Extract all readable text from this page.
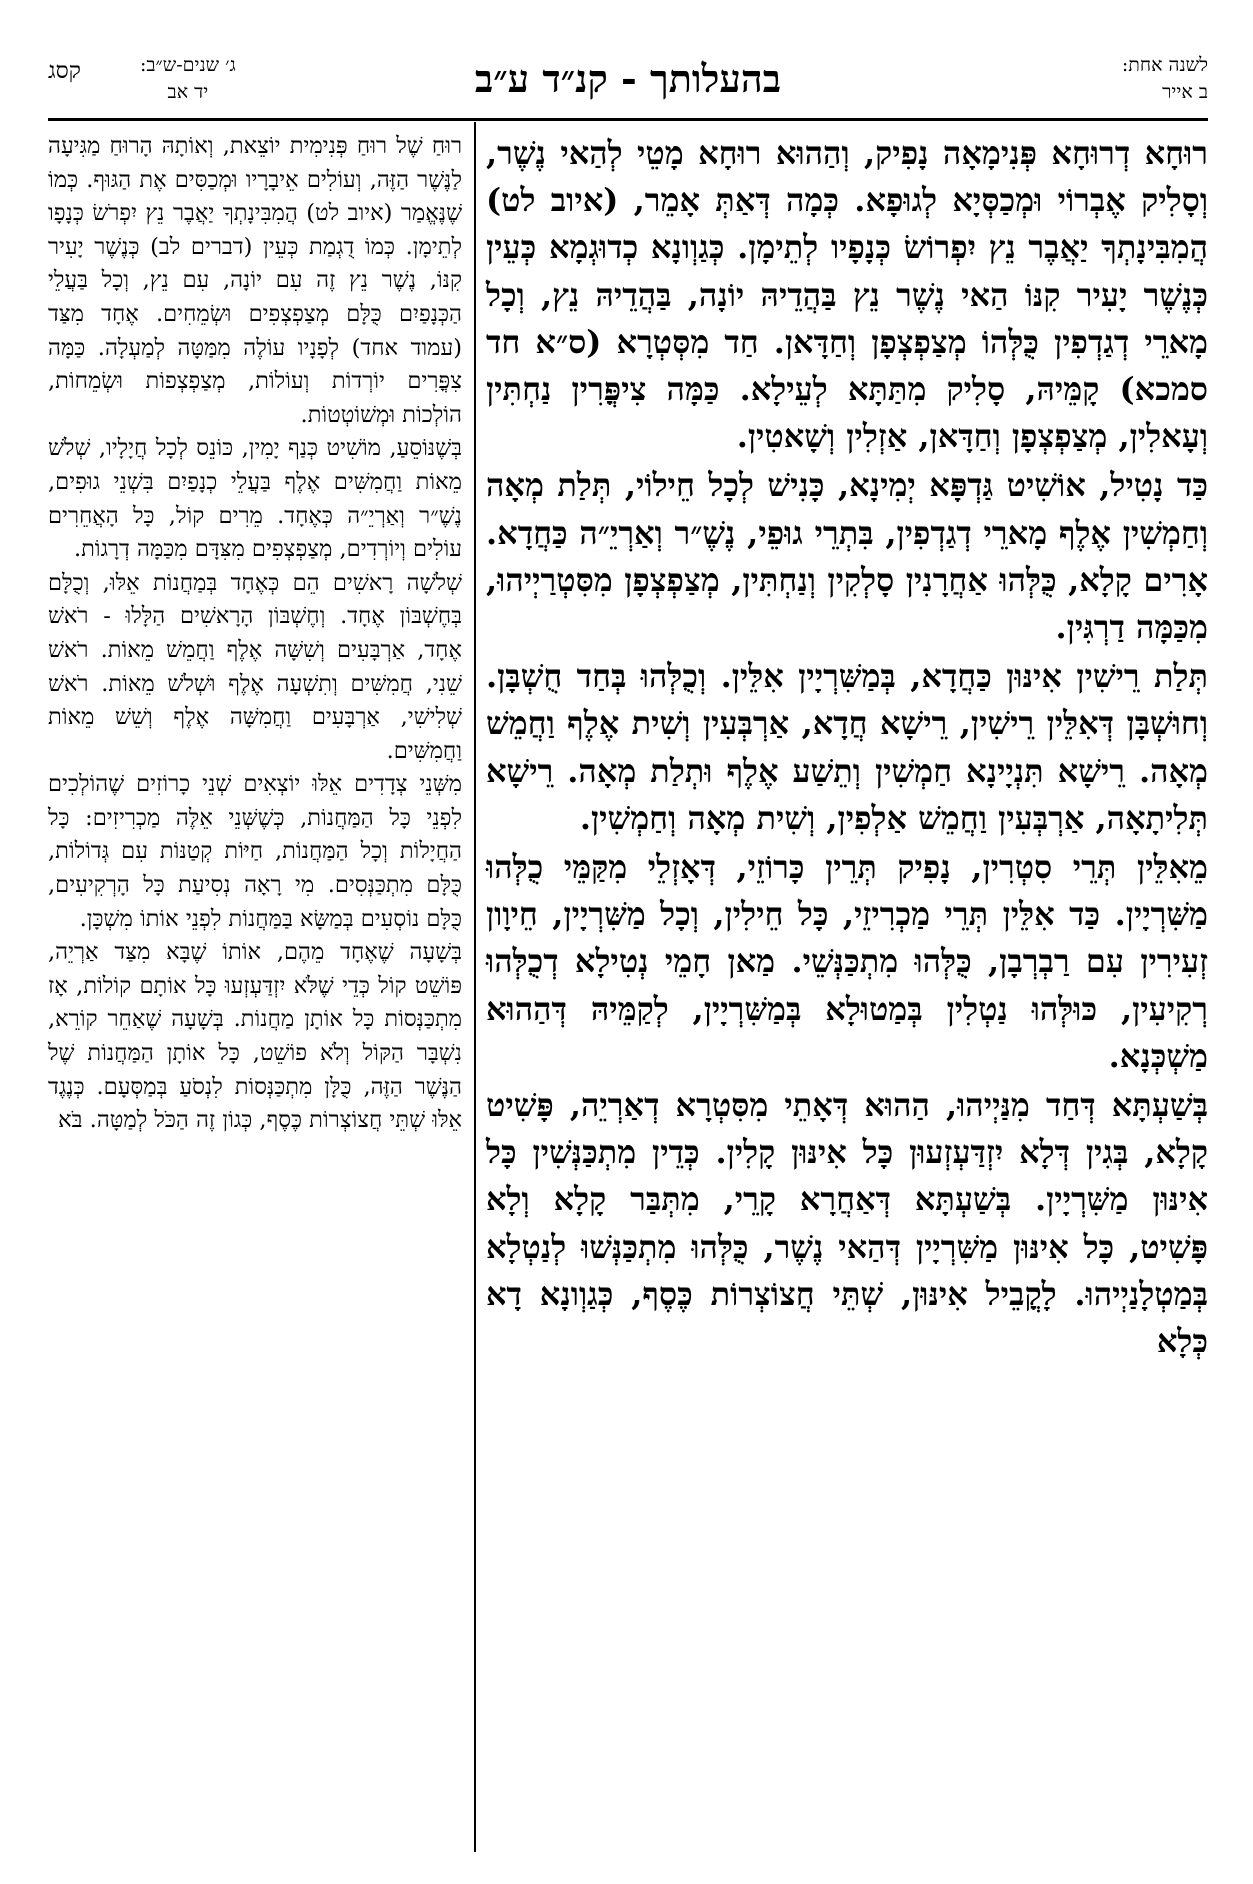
לשנה אחת:
ב אייר
בהעלותך - קנ״ד ע״ב
ג׳ שנים-ש״ב:
יד אב
קסג

רוּחָא דְרוּחָא פְּנִימָאָה נָפִיק, וְהַהוּא רוּחָא מָטֵי לְהַאי נֶשֶׁר, וְסָלִיק אֶבְרוֹי וּמְכַסְּיָא לְגוּפָא. כְּמָה דְּאַתְּ אָמֵר, (איוב לט) הֲמִבִּינָתְךָ יַאֲבֶר נֵץ יִפְרוֹשׂ כְּנָפָיו לְתֵימָן. כְּגַוְונָא כְדוּגְמָא כְּעֵין כְּנֶשֶׁר יָעִיר קִנּוֹ הַאי נֶשֶׁר נֵץ בַּהֲדֵיהּ יוֹנָה, בַּהֲדֵיהּ נֵץ, וְכָל מָארֵי דְגַדְפִין כֻּלְּהוֹ מְצַפְצְפָן וְחַדָּאן. חַד מִסְּטְרָא (ס״א חד סמכא) קָמֵּיהּ, סָלִיק מִתַּתָּא לְעֵילָא. כַּמָּה צִיפֳּרִין נַחְתִּין וְעָאלִין, מְצַפְצְפָן וְחַדָּאן, אַזְלִין וְשָׁאטִין.

כַּד נָטִיל, אוֹשִׁיט גַּדְפָּא יְמִינָא, כָּנִישׁ לְכָל חֵילוֹי, תְּלַת מְאָה וְחַמְשִׁין אֶלֶף מָארֵי דְגַדְפִין, בִּתְרֵי גוּפֵי, נֶשֶׁ״ר וְאַרְיֵ״ה כַּחֲדָא. אָרִים קָלָא, כֻּלְּהוּ אַחֲרָנִין סָלְקִין וְנַחְתִּין, מְצַפְצְפָן מִסִּטְרַיְיהוּ, מִכַּמָּה דַרְגִּין.

תְּלַת רֵישִׁין אִינּוּן כַּחֲדָא, בְּמַשִּׁרְיָין אִלֵּין. וְכֻלְּהוּ בְּחַד חֻשְׁבָּן. וְחוּשְׁבָּן דְּאִלֵּין רֵישִׁין, רֵישָׁא חֲדָא, אַרְבְּעִין וְשִׁית אֶלֶף וַחֲמֵשׁ מְאָה. רֵישָׁא תִּנְיָינָא חַמְשִׁין וְתֵשַׁע אֶלֶף וּתְלַת מְאָה. רֵישָׁא תְּלִיתָאָה, אַרְבְּעִין וַחֲמֵשׁ אַלְפִין, וְשִׁית מְאָה וְחַמְשִׁין.

מֵאִלֵּין תְּרֵי סִטְרִין, נָפִיק תְּרֵין כָּרוֹזֵי, דְּאָזְלֵי מִקַּמֵּי כֻלְּהוּ מַשִּׁרְיָין. כַּד אִלֵּין תְּרֵי מַכְרִיזֵי, כָּל חֵילִין, וְכָל מַשִּׁרְיָין, חֵיוָון זְעִירִין עִם רַבְרְבָן, כֻּלְּהוּ מִתְכַּנְּשֵׁי. מַאן חָמֵי נְטִילָא דְכֻלְּהוּ רְקִיעִין, כּוּלְּהוּ נַטְלִין בְּמַטוּלָא בְּמַשִּׁרְיָין, לְקַמֵּיהּ דְּהַהוּא מַשְׁכְּנָא.

בְּשַׁעְתָּא דְּחַד מִנַּיְיהוּ, הַהוּא דְּאָתֵי מִסִּטְרָא דְאַרְיֵה, פָּשִׁיט קָלָא, בְּגִין דְּלָא יִזְדַּעְזְעוּן כָּל אִינּוּן קָלִין. כְּדֵין מִתְכַּנְּשִׁין כָּל אִינּוּן מַשִּׁרְיָין. בְּשַׁעְתָּא דְּאַחֲרָא קָרֵי, מִתְּבַּר קָלָא וְלָא פָּשִׁיט, כָּל אִינּוּן מַשִּׁרְיָין דְּהַאי נֶשֶׁר, כֻּלְּהוּ מִתְכַּנְּשׁוּ לְנַטְלָא בְּמַטְלָנַיְיהוּ. לָקֳבֵיל אִינּוּן, שְׁתֵּי חֲצוֹצְרוֹת כֶּסֶף, כְּגַוְונָא דָא כְּלָא

רוּחַ שֶׁל רוּחַ פְּנִימִית יוֹצֵאת, וְאוֹתָהּ הָרוּחַ מַגִּיעָה לַנֶּשֶׁר הַזֶּה, וְעוֹלִים אֵיבָרָיו וּמְכַסִּים אֶת הַגּוּף. כְּמוֹ שֶׁנֶּאֱמַר (איוב לט) הֲמִבִּינָתְךָ יַאֲבֶר נֵץ יִפְרֹשׂ כְּנָפָו לְתֵימָן. כְּמוֹ דֻגְמַת כְּעֵין (דברים לב) כְּנֶשֶׁר יָעִיר קִנּוֹ, נֶשֶׁר נֵץ זֶה עִם יוֹנָה, עִם נֵץ, וְכָל בַּעֲלֵי הַכְּנָפַיִם כֻּלָּם מְצַפְצְפִים וּשְׂמֵחִים. אֶחָד מִצַּד (עמוד אחד) לְפָנָיו עוֹלֶה מִמַּטָּה לְמַעְלָה. כַּמָּה צִפֳּרִים יוֹרְדוֹת וְעוֹלוֹת, מְצַפְצְפוֹת וּשְׂמֵחוֹת, הוֹלְכוֹת וּמְשׁוֹטְטוֹת.

בְּשֶׁנּוֹסֵעַ, מוֹשִׁיט כְּנַף יָמִין, כּוֹנֵס לְכָל חֲיָלָיו, שְׁלֹשׁ מֵאוֹת וַחֲמִשִּׁים אֶלֶף בַּעֲלֵי כְנָפַיִם בִּשְׁנֵי גוּפִים, נֶשֶׁ״ר וְאַרְיֵ״ה כְּאֶחָד. מֵרִים קוֹל, כָּל הָאֲחֵרִים עוֹלִים וְיוֹרְדִים, מְצַפְצְפִים מִצִּדָּם מִכַּמָּה דְרָגוֹת.

שְׁלֹשָׁה רָאשִׁים הֵם כְּאֶחָד בְּמַחֲנוֹת אֵלּוּ, וְכֻלָּם בְּחֶשְׁבּוֹן אֶחָד. וְחֶשְׁבּוֹן הָרָאשִׁים הַלָּלוּ - רֹאשׁ אֶחָד, אַרְבָּעִים וְשִׁשָּׁה אֶלֶף וַחֲמֵשׁ מֵאוֹת. רֹאשׁ שֵׁנִי, חֲמִשִּׁים וְתִשְׁעָה אֶלֶף וּשְׁלֹשׁ מֵאוֹת. רֹאשׁ שְׁלִישִׁי, אַרְבָּעִים וַחֲמִשָּׁה אֶלֶף וְשֵׁשׁ מֵאוֹת וַחֲמִשִּׁים.

מִשְּׁנֵי צְדָדִים אֵלּוּ יוֹצְאִים שְׁנֵי כָרוֹזִים שֶׁהוֹלְכִים לִפְנֵי כָּל הַמַּחֲנוֹת, כְּשֶׁשְּׁנֵי אֵלֶּה מַכְרִיזִים: כָּל הַחֲיָלוֹת וְכָל הַמַּחֲנוֹת, חַיּוֹת קְטַנּוֹת עִם גְּדוֹלוֹת, כֻּלָּם מִתְכַּנְּסִים. מִי רָאָה נְסִיעַת כָּל הָרְקִיעִים, כֻּלָּם נוֹסְעִים בְּמַשָּׂא בַּמַּחֲנוֹת לִפְנֵי אוֹתוֹ מִשְׁכָּן.

בְּשָׁעָה שֶׁאֶחָד מֵהֶם, אוֹתוֹ שֶׁבָּא מִצַּד אַרְיֵה, פּוֹשֵׁט קוֹל כְּדֵי שֶׁלֹּא יִזְדַּעְזְעוּ כָּל אוֹתָם קוֹלוֹת, אָז מִתְכַּנְּסוֹת כָּל אוֹתָן מַחֲנוֹת. בְּשָׁעָה שֶׁאַחֵר קוֹרֵא, נִשְׁבָּר הַקּוֹל וְלֹא פוֹשֵׁט, כָּל אוֹתָן הַמַּחֲנוֹת שֶׁל הַנֶּשֶׁר הַזֶּה, כֻּלָּן מִתְכַּנְּסוֹת לִנְסֹעַ בְּמַסְּעָם. כְּנֶגֶד אֵלּוּ שְׁתֵּי חֲצוֹצְרוֹת כֶּסֶף, כְּגוֹן זֶה הַכֹּל לְמַטָּה. בֹּא
